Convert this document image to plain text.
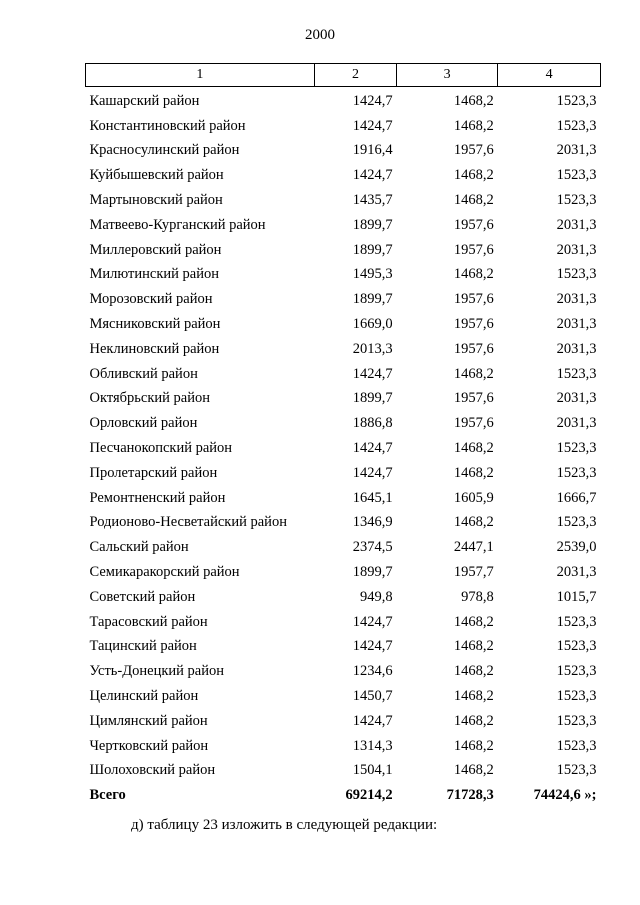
2000
1	2	3	4
Кашарский район	1424,7	1468,2	1523,3
Константиновский район	1424,7	1468,2	1523,3
Красносулинский район	1916,4	1957,6	2031,3
Куйбышевский район	1424,7	1468,2	1523,3
Мартыновский район	1435,7	1468,2	1523,3
Матвеево-Курганский район	1899,7	1957,6	2031,3
Миллеровский район	1899,7	1957,6	2031,3
Милютинский район	1495,3	1468,2	1523,3
Морозовский район	1899,7	1957,6	2031,3
Мясниковский район	1669,0	1957,6	2031,3
Неклиновский район	2013,3	1957,6	2031,3
Обливский район	1424,7	1468,2	1523,3
Октябрьский район	1899,7	1957,6	2031,3
Орловский район	1886,8	1957,6	2031,3
Песчанокопский район	1424,7	1468,2	1523,3
Пролетарский район	1424,7	1468,2	1523,3
Ремонтненский район	1645,1	1605,9	1666,7
Родионово-Несветайский район	1346,9	1468,2	1523,3
Сальский район	2374,5	2447,1	2539,0
Семикаракорский район	1899,7	1957,7	2031,3
Советский район	949,8	978,8	1015,7
Тарасовский район	1424,7	1468,2	1523,3
Тацинский район	1424,7	1468,2	1523,3
Усть-Донецкий район	1234,6	1468,2	1523,3
Целинский район	1450,7	1468,2	1523,3
Цимлянский район	1424,7	1468,2	1523,3
Чертковский район	1314,3	1468,2	1523,3
Шолоховский район	1504,1	1468,2	1523,3
Всего	69214,2	71728,3	74424,6 »;
д) таблицу 23 изложить в следующей редакции:
